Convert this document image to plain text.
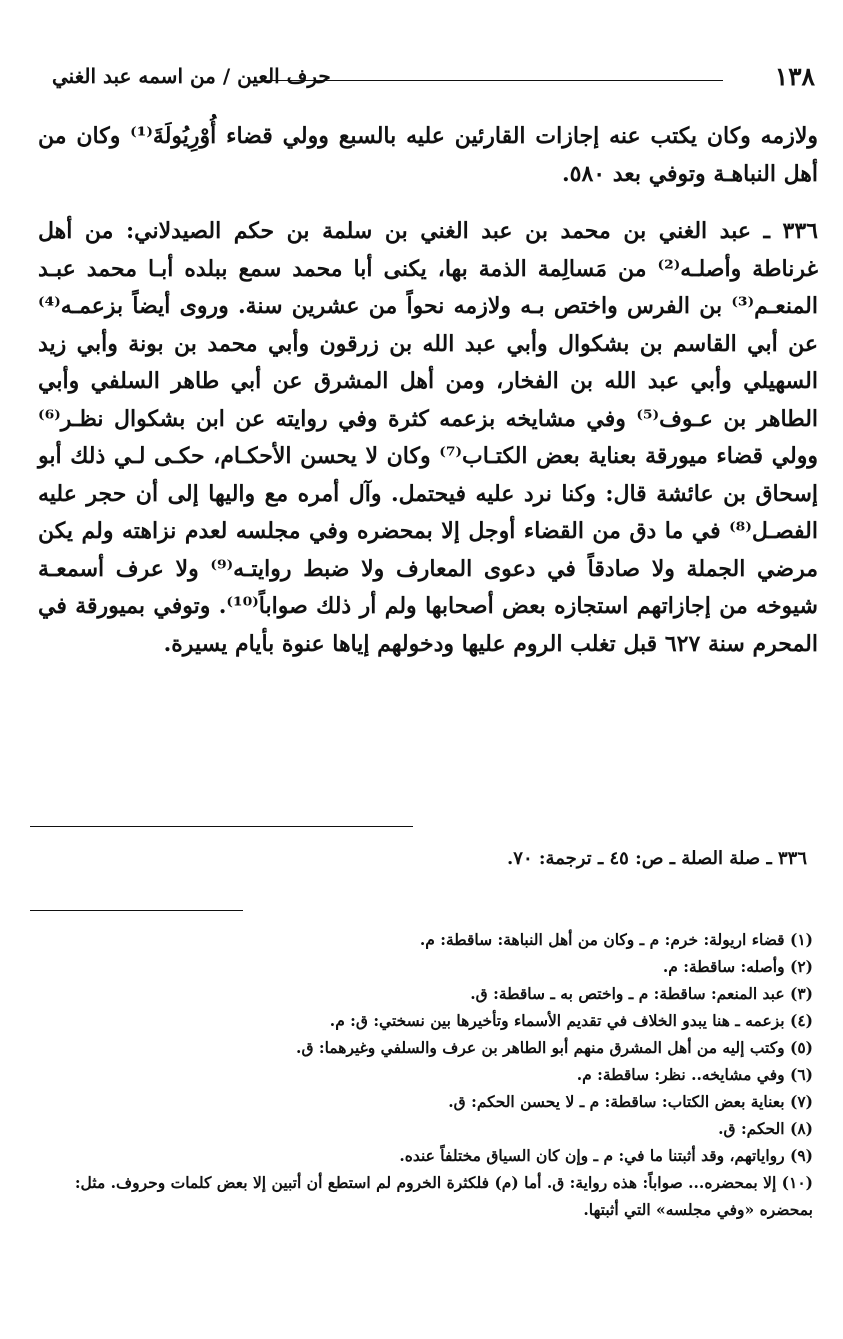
١٣٨
حرف العين / من اسمه عبد الغني

ولازمه وكان يكتب عنه إجازات القارئين عليه بالسبع وولي قضاء أُوْرِيُولَةَ⁽¹⁾ وكان من أهل النباهـة وتوفي بعد ٥٨٠.

٣٣٦ ـ عبد الغني بن محمد بن عبد الغني بن سلمة بن حكم الصيدلاني: من أهل غرناطة وأصلـه⁽²⁾ من مَسالِمة الذمة بها، يكنى أبا محمد سمع ببلده أبـا محمد عبـد المنعـم⁽³⁾ بن الفرس واختص بـه ولازمه نحواً من عشرين سنة. وروى أيضاً بزعمـه⁽⁴⁾ عن أبي القاسم بن بشكوال وأبي عبد الله بن زرقون وأبي محمد بن بونة وأبي زيد السهيلي وأبي عبد الله بن الفخار، ومن أهل المشرق عن أبي طاهر السلفي وأبي الطاهر بن عـوف⁽⁵⁾ وفي مشايخه بزعمه كثرة وفي روايته عن ابن بشكوال نظـر⁽⁶⁾ وولي قضاء ميورقة بعناية بعض الكتـاب⁽⁷⁾ وكان لا يحسن الأحكـام، حكـى لـي ذلك أبو إسحاق بن عائشة قال: وكنا نرد عليه فيحتمل. وآل أمره مع واليها إلى أن حجر عليه الفصـل⁽⁸⁾ في ما دق من القضاء أوجل إلا بمحضره وفي مجلسه لعدم نزاهته ولم يكن مرضي الجملة ولا صادقاً في دعوى المعارف ولا ضبط روايتـه⁽⁹⁾ ولا عرف أسمعـة شيوخه من إجازاتهم استجازه بعض أصحابها ولم أر ذلك صواباً⁽¹⁰⁾. وتوفي بميورقة في المحرم سنة ٦٢٧ قبل تغلب الروم عليها ودخولهم إياها عنوة بأيام يسيرة.

٣٣٦ ـ صلة الصلة ـ ص: ٤٥ ـ ترجمة: ٧٠.

(١) قضاء اريولة: خرم: م ـ وكان من أهل النباهة: ساقطة: م.
(٢) وأصله: ساقطة: م.
(٣) عبد المنعم: ساقطة: م ـ واختص به ـ ساقطة: ق.
(٤) بزعمه ـ هنا يبدو الخلاف في تقديم الأسماء وتأخيرها بين نسختي: ق: م.
(٥) وكتب إليه من أهل المشرق منهم أبو الطاهر بن عرف والسلفي وغيرهما: ق.
(٦) وفي مشايخه.. نظر: ساقطة: م.
(٧) بعناية بعض الكتاب: ساقطة: م ـ لا يحسن الحكم: ق.
(٨) الحكم: ق.
(٩) رواياتهم، وقد أثبتنا ما في: م ـ وإن كان السياق مختلفاً عنده.
(١٠) إلا بمحضره... صواباً: هذه رواية: ق. أما (م) فلكثرة الخروم لم استطع أن أتبين إلا بعض كلمات وحروف. مثل: بمحضره «وفي مجلسه» التي أثبتها.
